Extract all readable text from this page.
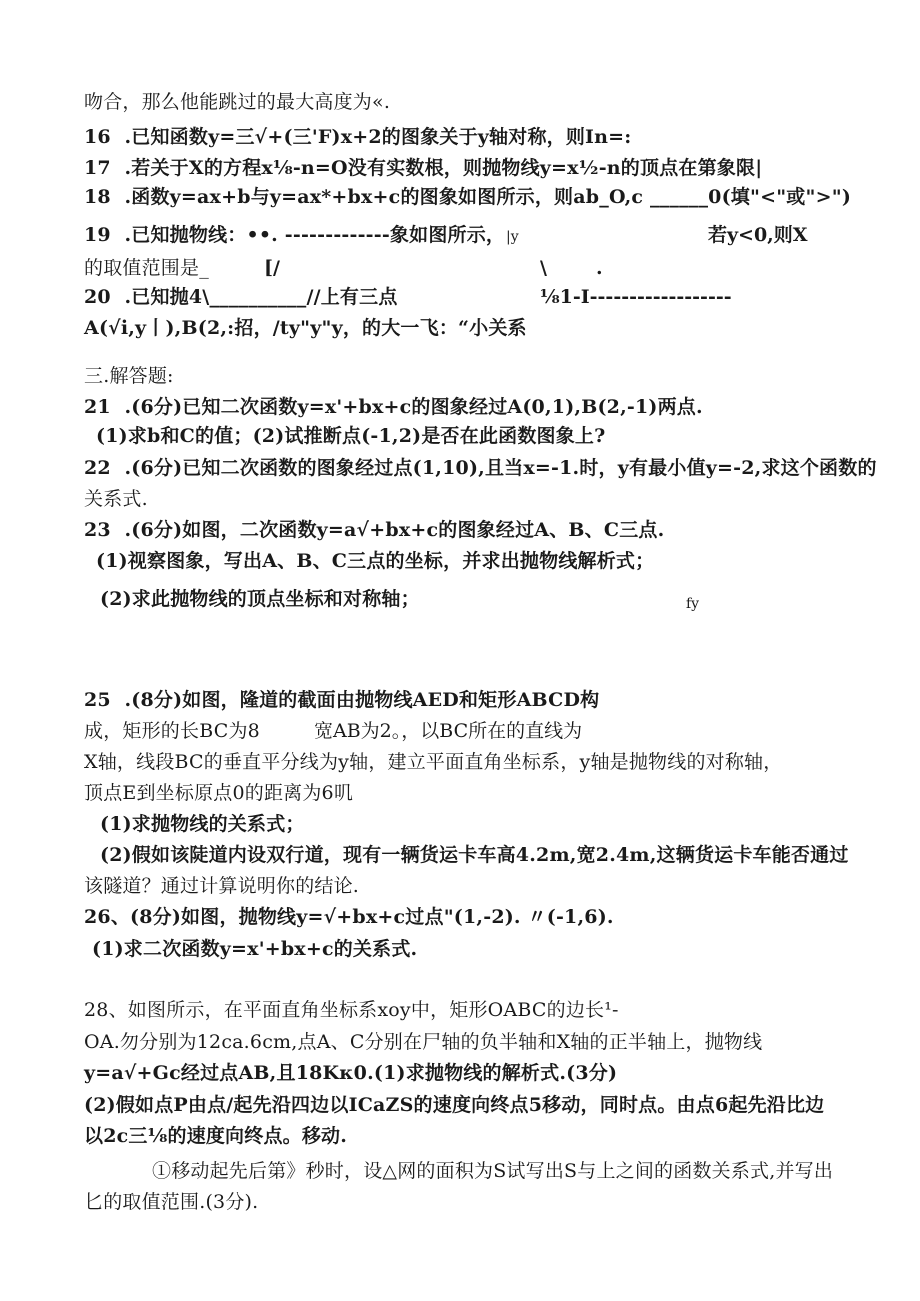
吻合，那么他能跳过的最大高度为«.
16  .已知函数y=三√+(三'F)x+2的图象关于y轴对称，则In=:
17  .若关于X的方程x⅛-n=O没有实数根，则抛物线y=x½-n的顶点在第象限|
18  .函数y=ax+b与y=ax*+bx+c的图象如图所示，则ab_O,c ______0(填"<"或">")
19  .已知抛物线：••. -------------象如图所示， |y	若y<0,则X
的取值范围是_	[/	\	.
20  .已知抛4\__________//上有三点	⅛1-I------------------
A(√i,y丨),B(2,:招，/ty"y"y，的大一飞：“小关系
三.解答题:
21  .(6分)已知二次函数y=x'+bx+c的图象经过A(0,1),B(2,-1)两点.
(1)求b和C的值；(2)试推断点(-1,2)是否在此函数图象上?
22  .(6分)已知二次函数的图象经过点(1,10),且当x=-1.时，y有最小值y=-2,求这个函数的
关系式.
23  .(6分)如图，二次函数y=a√+bx+c的图象经过A、B、C三点.
(1)视察图象，写出A、B、C三点的坐标，并求出抛物线解析式；
(2)求此抛物线的顶点坐标和对称轴；	fy
25  .(8分)如图，隆道的截面由抛物线AED和矩形ABCD构
成，矩形的长BC为8	宽AB为2。，以BC所在的直线为
X轴，线段BC的垂直平分线为y轴，建立平面直角坐标系，y轴是抛物线的对称轴，
顶点E到坐标原点0的距离为6叽
(1)求抛物线的关系式；
(2)假如该陡道内设双行道，现有一辆货运卡车高4.2m,宽2.4m,这辆货运卡车能否通过
该隧道？通过计算说明你的结论.
26、(8分)如图，抛物线y=√+bx+c过点"(1,-2). 〃(-1,6).
(1)求二次函数y=x'+bx+c的关系式.
28、如图所示，在平面直角坐标系xoy中，矩形OABC的边长¹-
OA.勿分别为12ca.6cm,点A、C分别在尸轴的负半轴和X轴的正半轴上，抛物线
y=a√+Gc经过点AB,且18Kκ0.(1)求抛物线的解析式.(3分)
(2)假如点P由点/起先沿四边以ICaZS的速度向终点5移动，同时点。由点6起先沿比边
以2c三⅛的速度向终点。移动.
①移动起先后第》秒时，设△网的面积为S试写出S与上之间的函数关系式,并写出
匕的取值范围.(3分).
